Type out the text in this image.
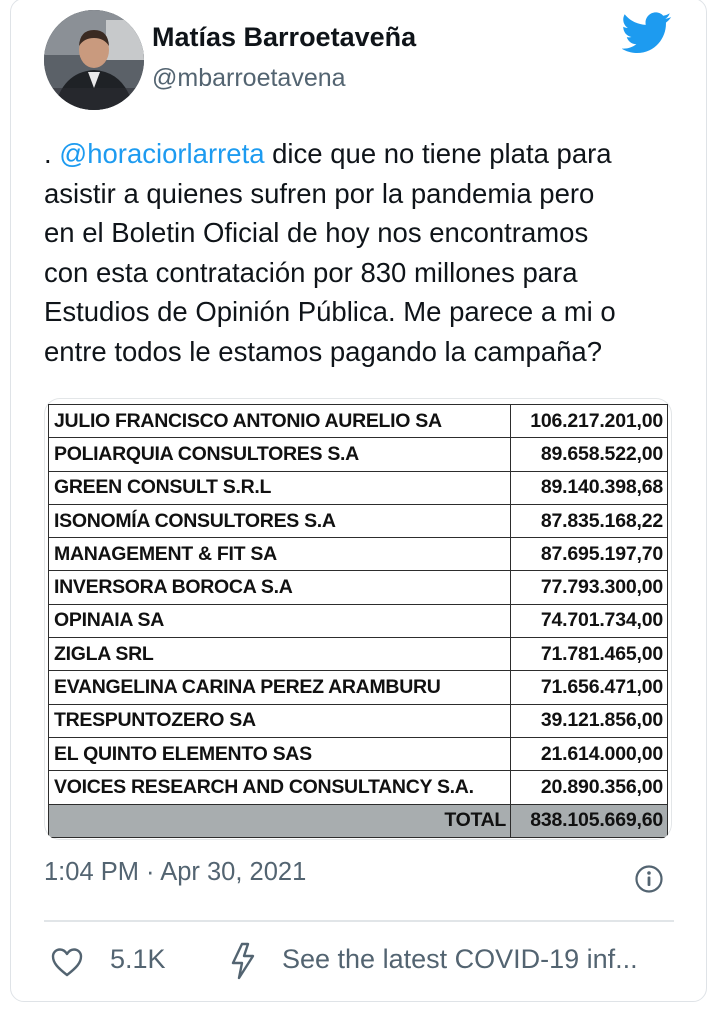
Matías Barroetaveña
@mbarroetavena
. @horaciorlarreta dice que no tiene plata para
asistir a quienes sufren por la pandemia pero
en el Boletin Oficial de hoy nos encontramos
con esta contratación por 830 millones para
Estudios de Opinión Pública. Me parece a mi o
entre todos le estamos pagando la campaña?
JULIO FRANCISCO ANTONIO AURELIO SA	106.217.201,00
POLIARQUIA CONSULTORES S.A	89.658.522,00
GREEN CONSULT S.R.L	89.140.398,68
ISONOMÍA CONSULTORES S.A	87.835.168,22
MANAGEMENT & FIT SA	87.695.197,70
INVERSORA BOROCA S.A	77.793.300,00
OPINAIA SA	74.701.734,00
ZIGLA SRL	71.781.465,00
EVANGELINA CARINA PEREZ ARAMBURU	71.656.471,00
TRESPUNTOZERO SA	39.121.856,00
EL QUINTO ELEMENTO SAS	21.614.000,00
VOICES RESEARCH AND CONSULTANCY S.A.	20.890.356,00
TOTAL	838.105.669,60
1:04 PM · Apr 30, 2021
5.1K	See the latest COVID-19 inf...
